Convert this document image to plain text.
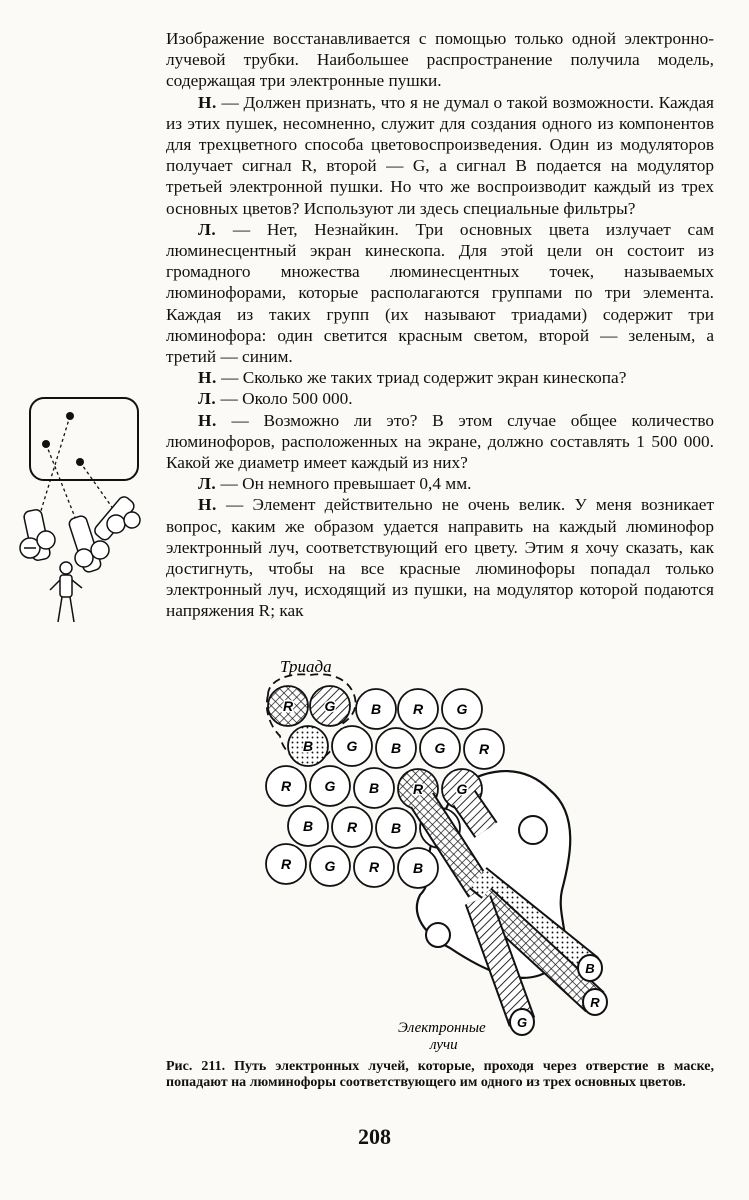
Изображение восстанавливается с помощью только одной электронно-лучевой трубки. Наибольшее распространение получила модель, содержащая три электронные пушки.

Н. — Должен признать, что я не думал о такой возможности. Каждая из этих пушек, несомненно, служит для создания одного из компонентов для трехцветного способа цветовоспроизведения. Один из модуляторов получает сигнал R, второй — G, а сигнал B подается на модулятор третьей электронной пушки. Но что же воспроизводит каждый из трех основных цветов? Используют ли здесь специальные фильтры?

Л. — Нет, Незнайкин. Три основных цвета излучает сам люминесцентный экран кинескопа. Для этой цели он состоит из громадного множества люминесцентных точек, называемых люминофорами, которые располагаются группами по три элемента. Каждая из таких групп (их называют триадами) содержит три люминофора: один светится красным светом, второй — зеленым, а третий — синим.

Н. — Сколько же таких триад содержит экран кинескопа?

Л. — Около 500 000.

Н. — Возможно ли это? В этом случае общее количество люминофоров, расположенных на экране, должно составлять 1 500 000. Какой же диаметр имеет каждый из них?

Л. — Он немного превышает 0,4 мм.

Н. — Элемент действительно не очень велик. У меня возникает вопрос, каким же образом удается направить на каждый люминофор электронный луч, соответствующий его цвету. Этим я хочу сказать, как достигнуть, чтобы на все красные люминофоры попадал только электронный луч, исходящий из пушки, на модулятор которой подаются напряжения R; как

R G	B R G
B G B G R
R G B R G
B R B
R G R B
B
R
G
Триада
Электронные
лучи
Рис. 211. Путь электронных лучей, которые, проходя через отверстие в маске, попадают на люминофоры соответствующего им одного из трех основных цветов.
208
